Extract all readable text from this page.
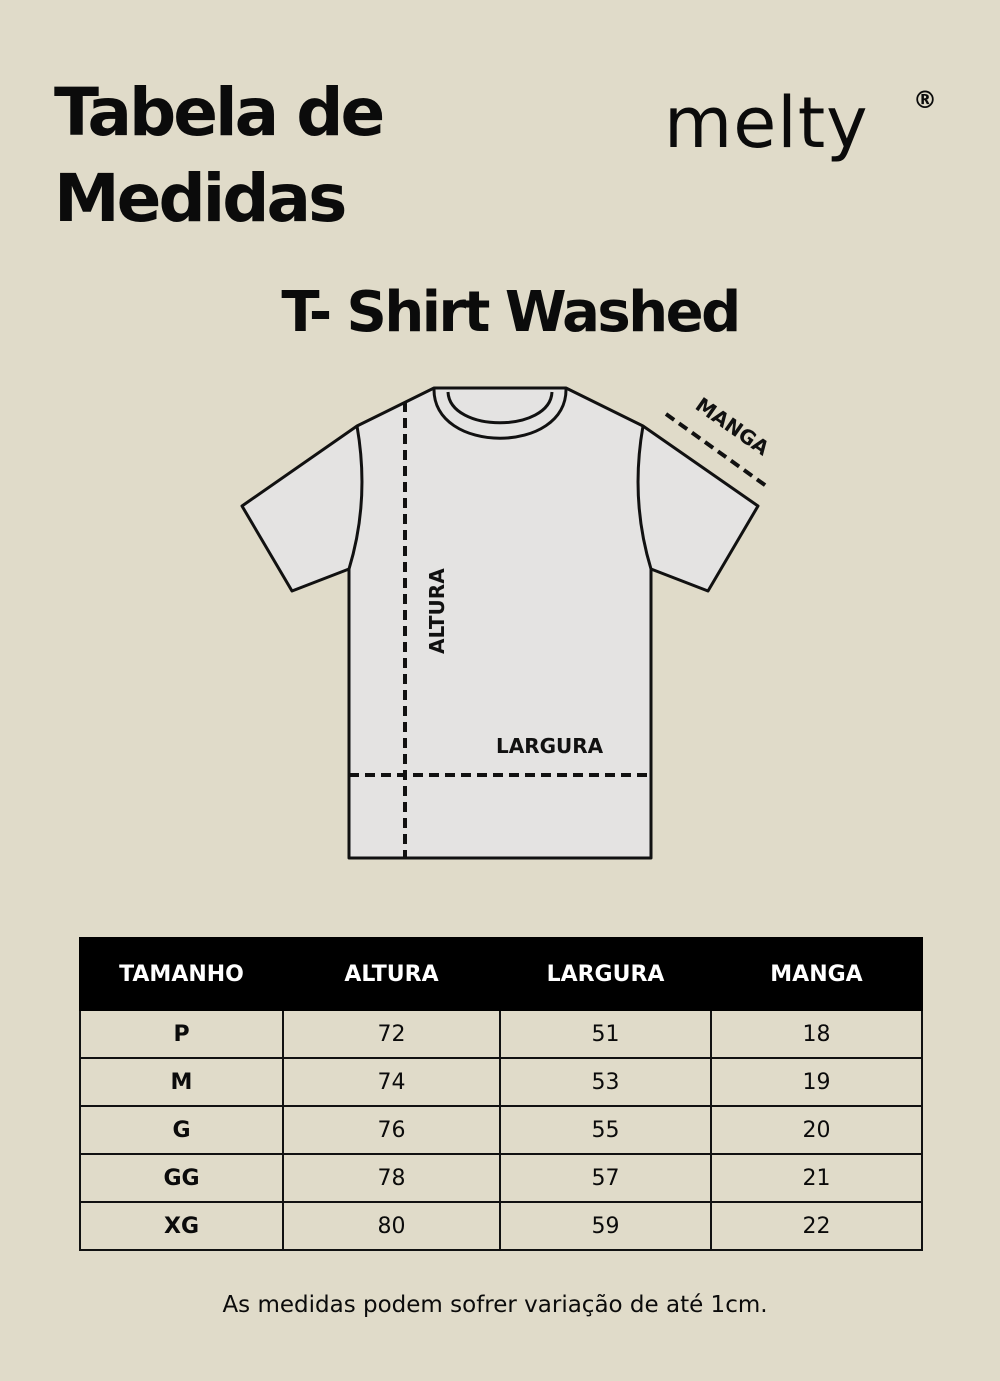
Tabela de
Medidas
melty ®
T- Shirt Washed
MANGA
ALTURA
LARGURA
TAMANHO	ALTURA	LARGURA	MANGA
P	72	51	18
M	74	53	19
G	76	55	20
GG	78	57	21
XG	80	59	22
As medidas podem sofrer variação de até 1cm.
